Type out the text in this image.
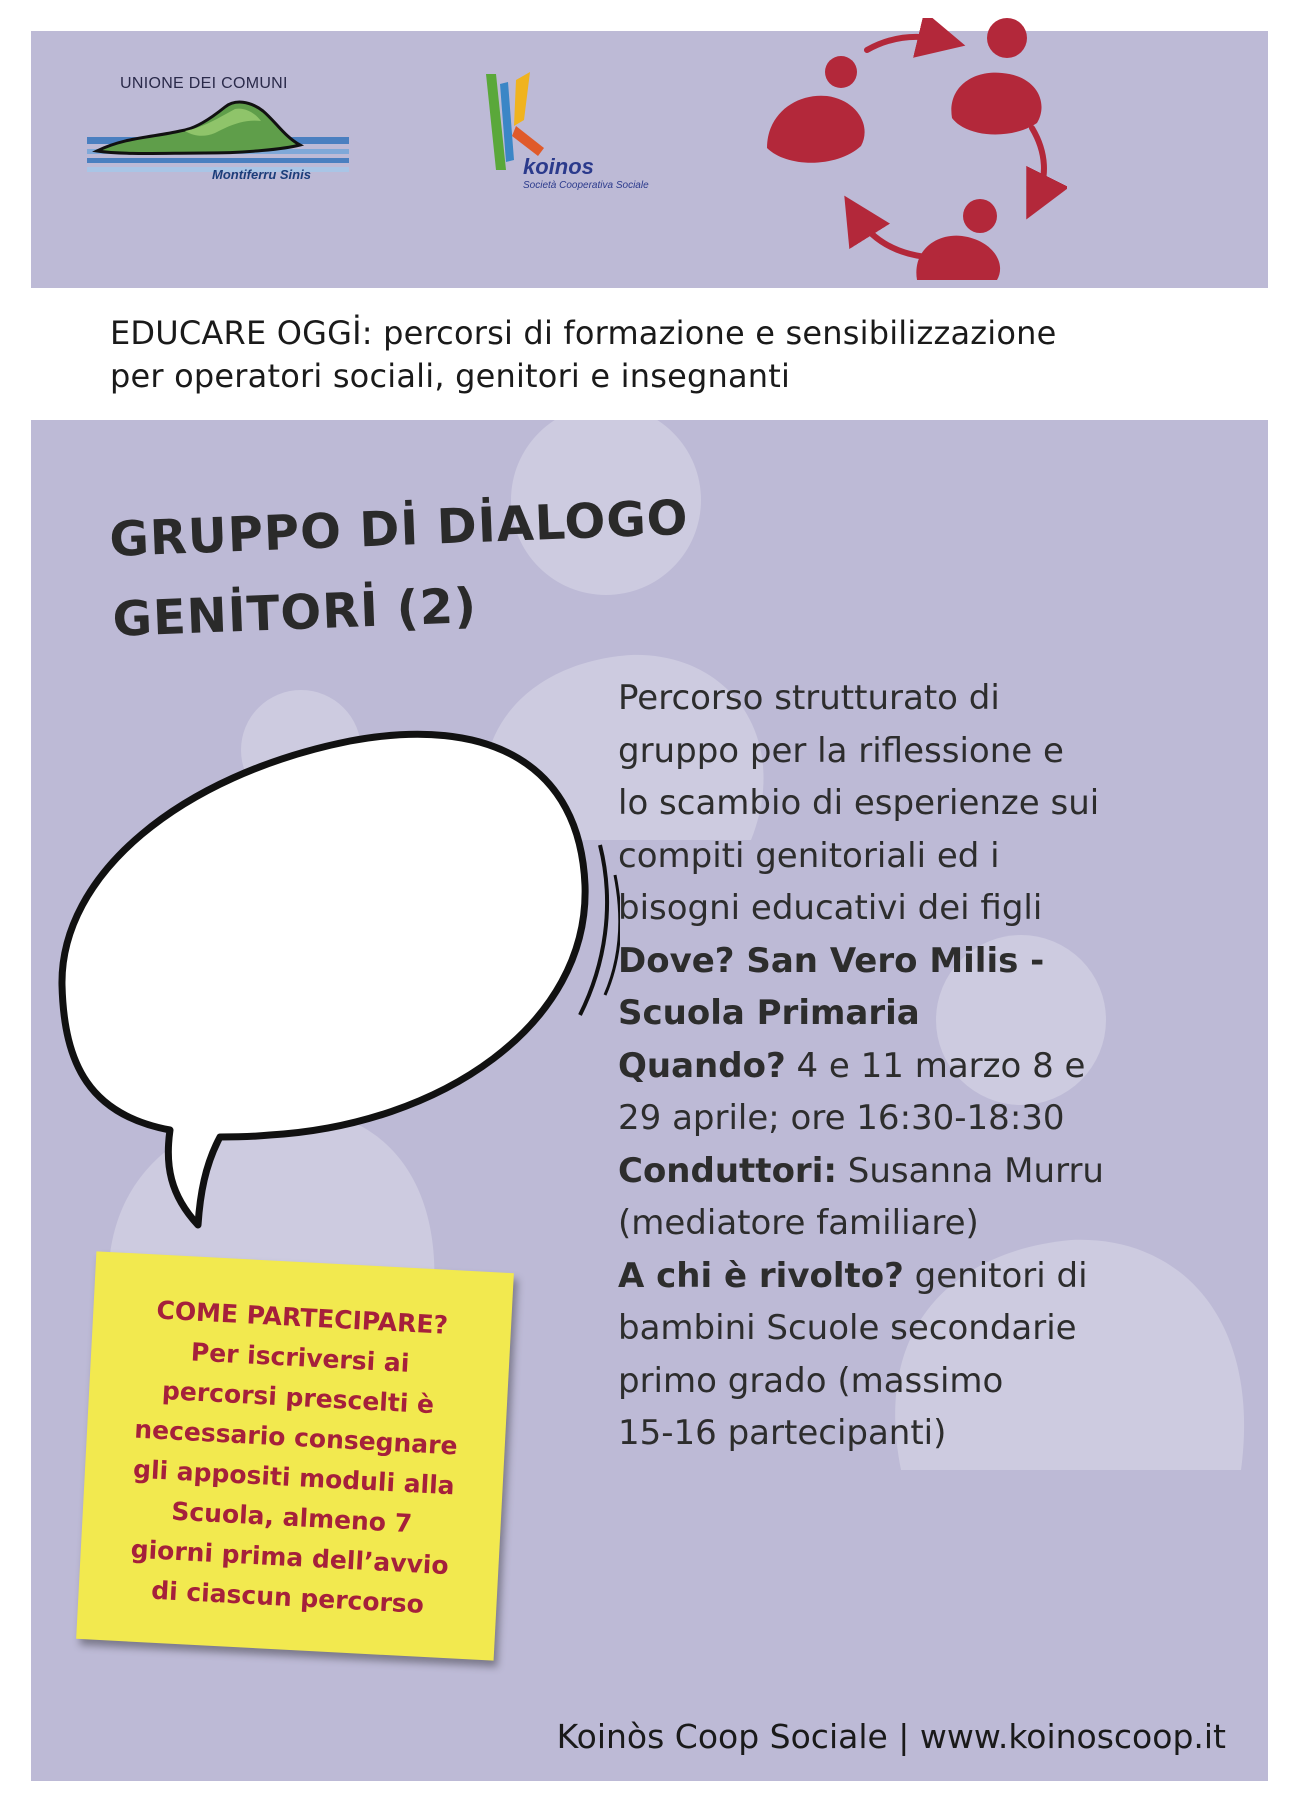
UNIONE DEI COMUNI
Montiferru Sinis	koinos
Società Cooperativa Sociale
EDUCARE OGGİ: percorsi di formazione e sensibilizzazione
per operatori sociali, genitori e insegnanti
GRUPPO Dİ DİALOGO
GENİTORİ (2)
Percorso strutturato di
gruppo per la riflessione e
lo scambio di esperienze sui
compiti genitoriali ed i
bisogni educativi dei figli
Dove? San Vero Milis -
Scuola Primaria
Quando? 4 e 11 marzo 8 e
29 aprile; ore 16:30-18:30
Conduttori: Susanna Murru
(mediatore familiare)
A chi è rivolto? genitori di
bambini Scuole secondarie
primo grado (massimo
15-16 partecipanti)
COME PARTECIPARE?
Per iscriversi ai
percorsi prescelti è
necessario consegnare
gli appositi moduli alla
Scuola, almeno 7
giorni prima dell’avvio
di ciascun percorso
Koinòs Coop Sociale | www.koinoscoop.it
